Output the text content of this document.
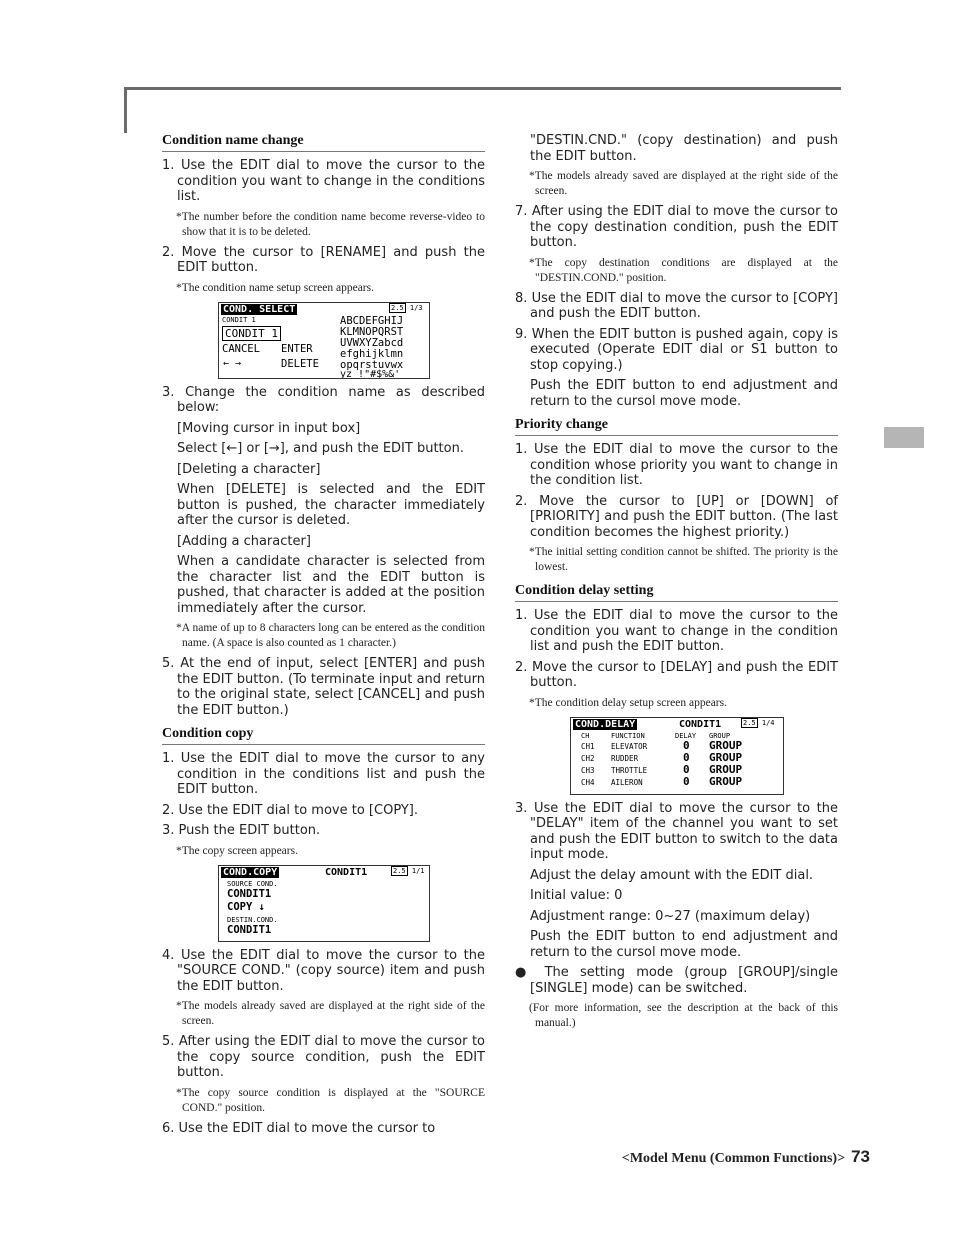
Condition name change
1. Use the EDIT dial to move the cursor to the condition you want to change in the conditions list.
*The number before the condition name become reverse-video to show that it is to be deleted.
2. Move the cursor to [RENAME] and push the EDIT button.
*The condition name setup screen appears.
COND. SELECT	2.5 1/3
CONDIT 1
CONDIT 1
CANCEL ENTER
← →	DELETE
ABCDEFGHIJ
KLMNOPQRST
UVWXYZabcd
efghijklmn
opqrstuvwx
yz !"#$%&'
3. Change the condition name as described below:
[Moving cursor in input box]
Select [←] or [→], and push the EDIT button.
[Deleting a character]
When [DELETE] is selected and the EDIT button is pushed, the character immediately after the cursor is deleted.
[Adding a character]
When a candidate character is selected from the character list and the EDIT button is pushed, that character is added at the position immediately after the cursor.
*A name of up to 8 characters long can be entered as the condition name. (A space is also counted as 1 character.)
5. At the end of input, select [ENTER] and push the EDIT button. (To terminate input and return to the original state, select [CANCEL] and push the EDIT button.)
Condition copy
1. Use the EDIT dial to move the cursor to any condition in the conditions list and push the EDIT button.
2. Use the EDIT dial to move to [COPY].
3. Push the EDIT button.
*The copy screen appears.
COND.COPY	CONDIT1	2.5 1/1
SOURCE COND.
CONDIT1
COPY ↓
DESTIN.COND.
CONDIT1
4. Use the EDIT dial to move the cursor to the "SOURCE COND." (copy source) item and push the EDIT button.
*The models already saved are displayed at the right side of the screen.
5. After using the EDIT dial to move the cursor to the copy source condition, push the EDIT button.
*The copy source condition is displayed at the "SOURCE COND." position.
6. Use the EDIT dial to move the cursor to
"DESTIN.CND." (copy destination) and push the EDIT button.
*The models already saved are displayed at the right side of the screen.
7. After using the EDIT dial to move the cursor to the copy destination condition, push the EDIT button.
*The copy destination conditions are displayed at the "DESTIN.COND." position.
8. Use the EDIT dial to move the cursor to [COPY] and push the EDIT button.
9. When the EDIT button is pushed again, copy is executed (Operate EDIT dial or S1 button to stop copying.)
Push the EDIT button to end adjustment and return to the cursol move mode.
Priority change
1. Use the EDIT dial to move the cursor to the condition whose priority you want to change in the condition list.
2. Move the cursor to [UP] or [DOWN] of [PRIORITY] and push the EDIT button. (The last condition becomes the highest priority.)
*The initial setting condition cannot be shifted. The priority is the lowest.
Condition delay setting
1. Use the EDIT dial to move the cursor to the condition you want to change in the condition list and push the EDIT button.
2. Move the cursor to [DELAY] and push the EDIT button.
*The condition delay setup screen appears.
COND.DELAY	CONDIT1	2.5 1/4
CH	FUNCTION	DELAY GROUP
CH1 ELEVATOR	0 GROUP
CH2 RUDDER	0 GROUP
CH3 THROTTLE	0 GROUP
CH4 AILERON	0 GROUP
3. Use the EDIT dial to move the cursor to the "DELAY" item of the channel you want to set and push the EDIT button to switch to the data input mode.
Adjust the delay amount with the EDIT dial.
Initial value: 0
Adjustment range: 0~27 (maximum delay)
Push the EDIT button to end adjustment and return to the cursol move mode.
● The setting mode (group [GROUP]/single [SINGLE] mode) can be switched.
(For more information, see the description at the back of this manual.)
<Model Menu (Common Functions)> 73
